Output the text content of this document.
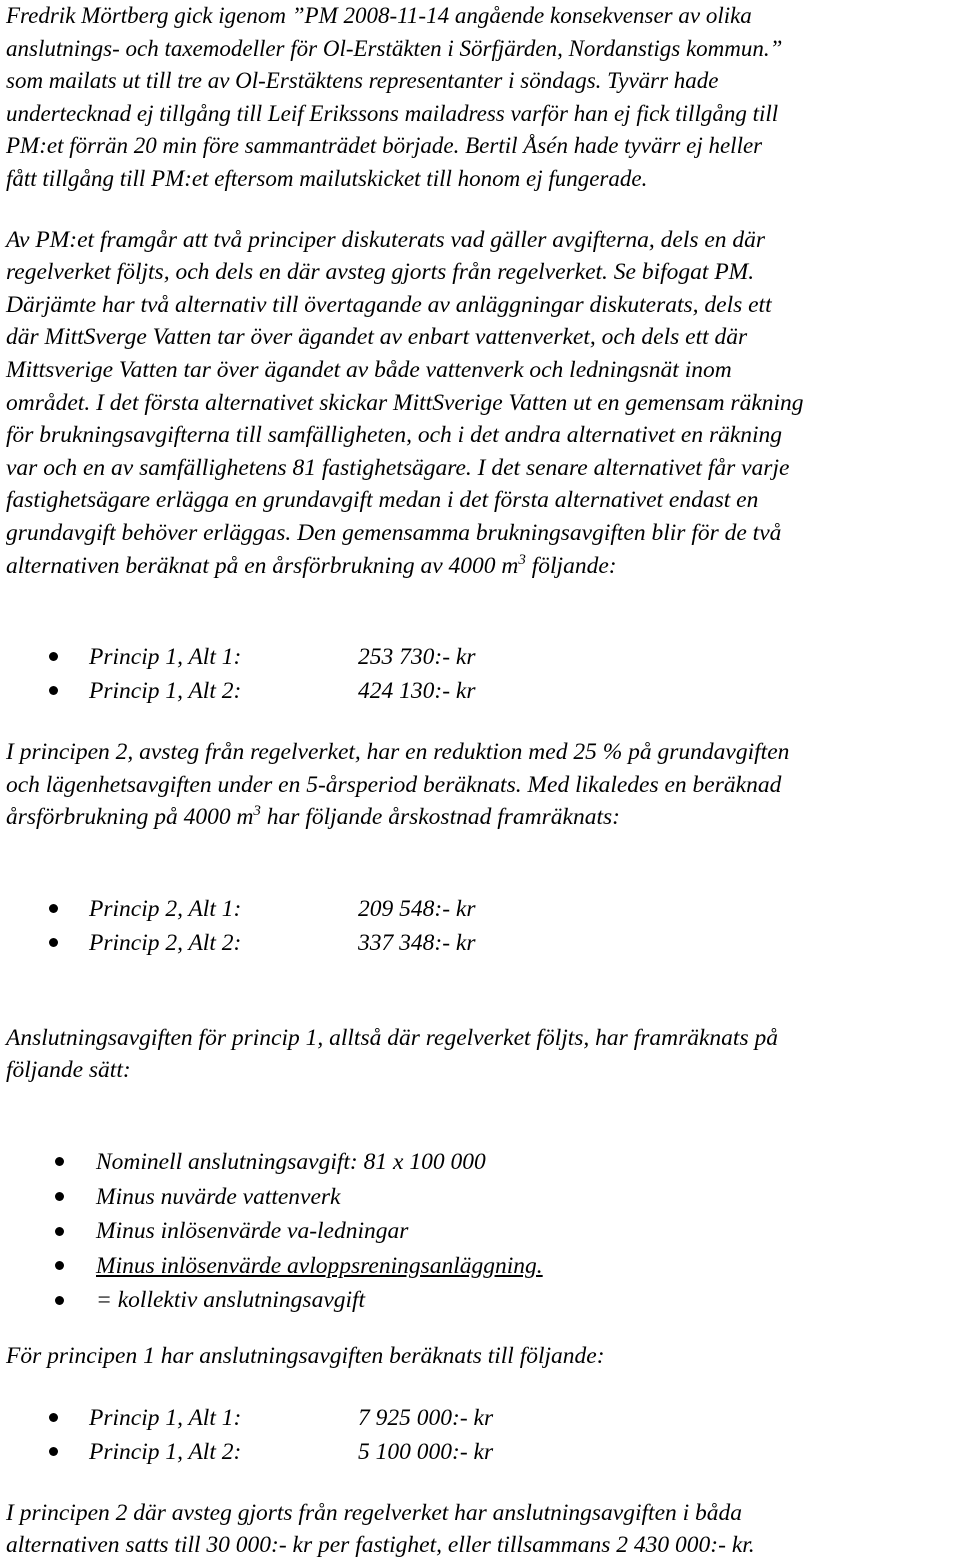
Fredrik Mörtberg gick igenom ”PM 2008-11-14 angående konsekvenser av olika
anslutnings- och taxemodeller för Ol-Erstäkten i Sörfjärden, Nordanstigs kommun.”
som mailats ut till tre av Ol-Erstäktens representanter i söndags. Tyvärr hade
undertecknad ej tillgång till Leif Erikssons mailadress varför han ej fick tillgång till
PM:et förrän 20 min före sammanträdet började. Bertil Åsén hade tyvärr ej heller
fått tillgång till PM:et eftersom mailutskicket till honom ej fungerade.

Av PM:et framgår att två principer diskuterats vad gäller avgifterna, dels en där
regelverket följts, och dels en där avsteg gjorts från regelverket. Se bifogat PM.
Därjämte har två alternativ till övertagande av anläggningar diskuterats, dels ett
där MittSverge Vatten tar över ägandet av enbart vattenverket, och dels ett där
Mittsverige Vatten tar över ägandet av både vattenverk och ledningsnät inom
området. I det första alternativet skickar MittSverige Vatten ut en gemensam räkning
för brukningsavgifterna till samfälligheten, och i det andra alternativet en räkning
var och en av samfällighetens 81 fastighetsägare. I det senare alternativet får varje
fastighetsägare erlägga en grundavgift medan i det första alternativet endast en
grundavgift behöver erläggas. Den gemensamma brukningsavgiften blir för de två
alternativen beräknat på en årsförbrukning av 4000 $m^3$ följande:

Princip 1, Alt 1:	253 730:- kr
Princip 1, Alt 2:	424 130:- kr

I principen 2, avsteg från regelverket, har en reduktion med 25 % på grundavgiften
och lägenhetsavgiften under en 5-årsperiod beräknats. Med likaledes en beräknad
årsförbrukning på 4000 $m^3$ har följande årskostnad framräknats:

Princip 2, Alt 1:	209 548:- kr
Princip 2, Alt 2:	337 348:- kr

Anslutningsavgiften för princip 1, alltså där regelverket följts, har framräknats på
följande sätt:

Nominell anslutningsavgift: 81 x 100 000
Minus nuvärde vattenverk
Minus inlösenvärde va-ledningar
Minus inlösenvärde avloppsreningsanläggning.
= kollektiv anslutningsavgift

För principen 1 har anslutningsavgiften beräknats till följande:

Princip 1, Alt 1:	7 925 000:- kr
Princip 1, Alt 2:	5 100 000:- kr

I principen 2 där avsteg gjorts från regelverket har anslutningsavgiften i båda
alternativen satts till 30 000:- kr per fastighet, eller tillsammans 2 430 000:- kr.
